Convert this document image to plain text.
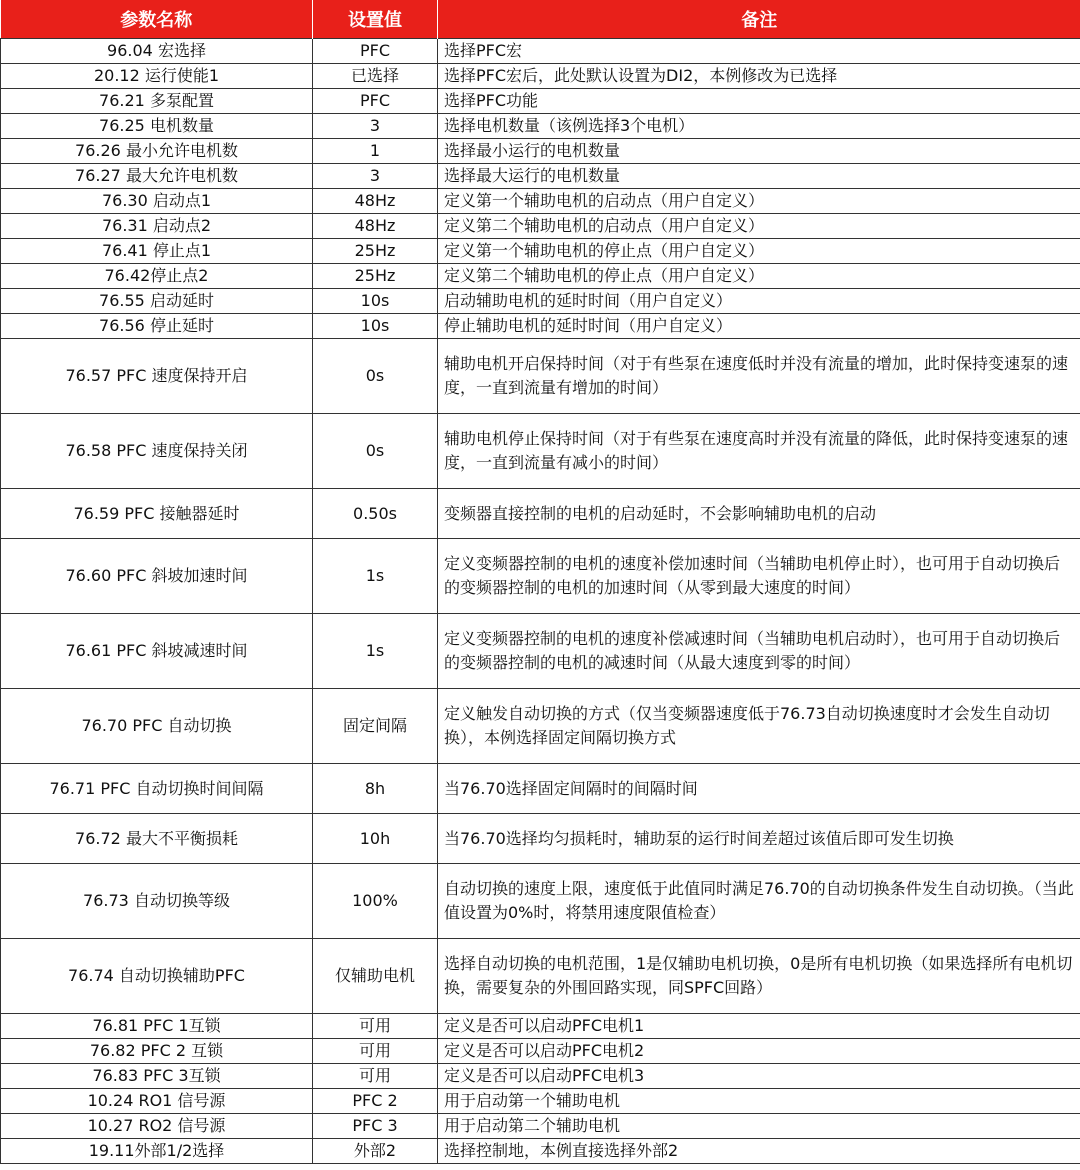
参数名称	设置值	备注
96.04 宏选择	PFC	选择PFC宏
20.12 运行使能1	已选择	选择PFC宏后，此处默认设置为DI2，本例修改为已选择
76.21 多泵配置	PFC	选择PFC功能
76.25 电机数量	3	选择电机数量（该例选择3个电机）
76.26 最小允许电机数	1	选择最小运行的电机数量
76.27 最大允许电机数	3	选择最大运行的电机数量
76.30 启动点1	48Hz	定义第一个辅助电机的启动点（用户自定义）
76.31 启动点2	48Hz	定义第二个辅助电机的启动点（用户自定义）
76.41 停止点1	25Hz	定义第一个辅助电机的停止点（用户自定义）
76.42停止点2	25Hz	定义第二个辅助电机的停止点（用户自定义）
76.55 启动延时	10s	启动辅助电机的延时时间（用户自定义）
76.56 停止延时	10s	停止辅助电机的延时时间（用户自定义）
76.57 PFC 速度保持开启	0s	辅助电机开启保持时间（对于有些泵在速度低时并没有流量的增加，此时保持变速泵的速度，一直到流量有增加的时间）
76.58 PFC 速度保持关闭	0s	辅助电机停止保持时间（对于有些泵在速度高时并没有流量的降低，此时保持变速泵的速度，一直到流量有减小的时间）
76.59 PFC 接触器延时	0.50s	变频器直接控制的电机的启动延时，不会影响辅助电机的启动
76.60 PFC 斜坡加速时间	1s	定义变频器控制的电机的速度补偿加速时间（当辅助电机停止时），也可用于自动切换后的变频器控制的电机的加速时间（从零到最大速度的时间）
76.61 PFC 斜坡减速时间	1s	定义变频器控制的电机的速度补偿减速时间（当辅助电机启动时），也可用于自动切换后的变频器控制的电机的减速时间（从最大速度到零的时间）
76.70 PFC 自动切换	固定间隔	定义触发自动切换的方式（仅当变频器速度低于76.73自动切换速度时才会发生自动切换），本例选择固定间隔切换方式
76.71 PFC 自动切换时间间隔	8h	当76.70选择固定间隔时的间隔时间
76.72 最大不平衡损耗	10h	当76.70选择均匀损耗时，辅助泵的运行时间差超过该值后即可发生切换
76.73 自动切换等级	100%	自动切换的速度上限，速度低于此值同时满足76.70的自动切换条件发生自动切换。（当此值设置为0%时，将禁用速度限值检查）
76.74 自动切换辅助PFC	仅辅助电机	选择自动切换的电机范围，1是仅辅助电机切换，0是所有电机切换（如果选择所有电机切换，需要复杂的外围回路实现，同SPFC回路）
76.81 PFC 1互锁	可用	定义是否可以启动PFC电机1
76.82 PFC 2 互锁	可用	定义是否可以启动PFC电机2
76.83 PFC 3互锁	可用	定义是否可以启动PFC电机3
10.24 RO1 信号源	PFC 2	用于启动第一个辅助电机
10.27 RO2 信号源	PFC 3	用于启动第二个辅助电机
19.11外部1/2选择	外部2	选择控制地，本例直接选择外部2
